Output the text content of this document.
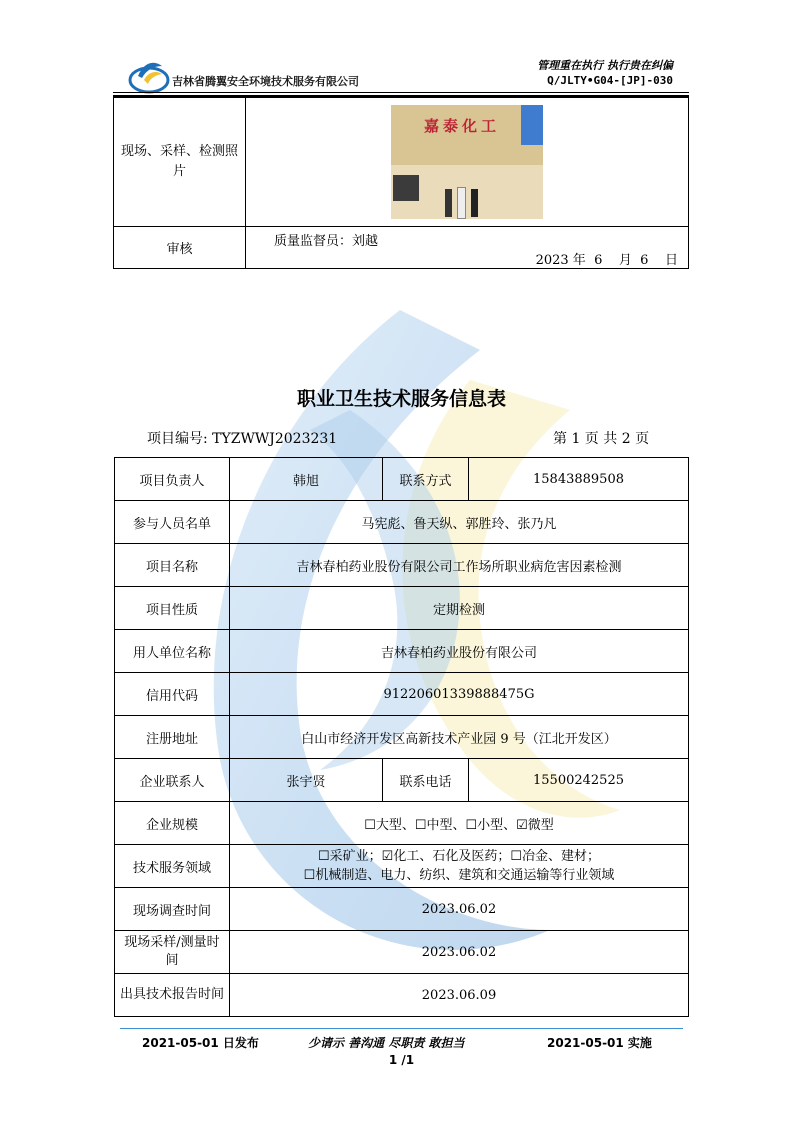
吉林省腾翼安全环境技术服务有限公司
管理重在执行 执行贵在纠偏
Q/JLTY•G04-[JP]-030
现场、采样、检测照片	嘉泰化工

审核	质量监督员：刘越
2023 年 6 月 6 日
职业卫生技术服务信息表
项目编号: TYZWWJ2023231	第 1 页 共 2 页
项目负责人	韩旭	联系方式	15843889508
参与人员名单	马宪彪、鲁天纵、郭胜玲、张乃凡		
项目名称	吉林春柏药业股份有限公司工作场所职业病危害因素检测		
项目性质	定期检测		
用人单位名称	吉林春柏药业股份有限公司		
信用代码	91220601339888475G		
注册地址	白山市经济开发区高新技术产业园 9 号（江北开发区）		
企业联系人	张宇贤	联系电话	15500242525
企业规模	☐大型、☐中型、☐小型、☑微型		
技术服务领域	☐采矿业；☑化工、石化及医药；☐冶金、建材；
☐机械制造、电力、纺织、建筑和交通运输等行业领域		

现场调查时间	2023.06.02		
现场采样/测量时间	2023.06.02		
出具技术报告时间	2023.06.09		
2021-05-01 日发布	少请示 善沟通 尽职责 敢担当	2021-05-01 实施
1 /1
